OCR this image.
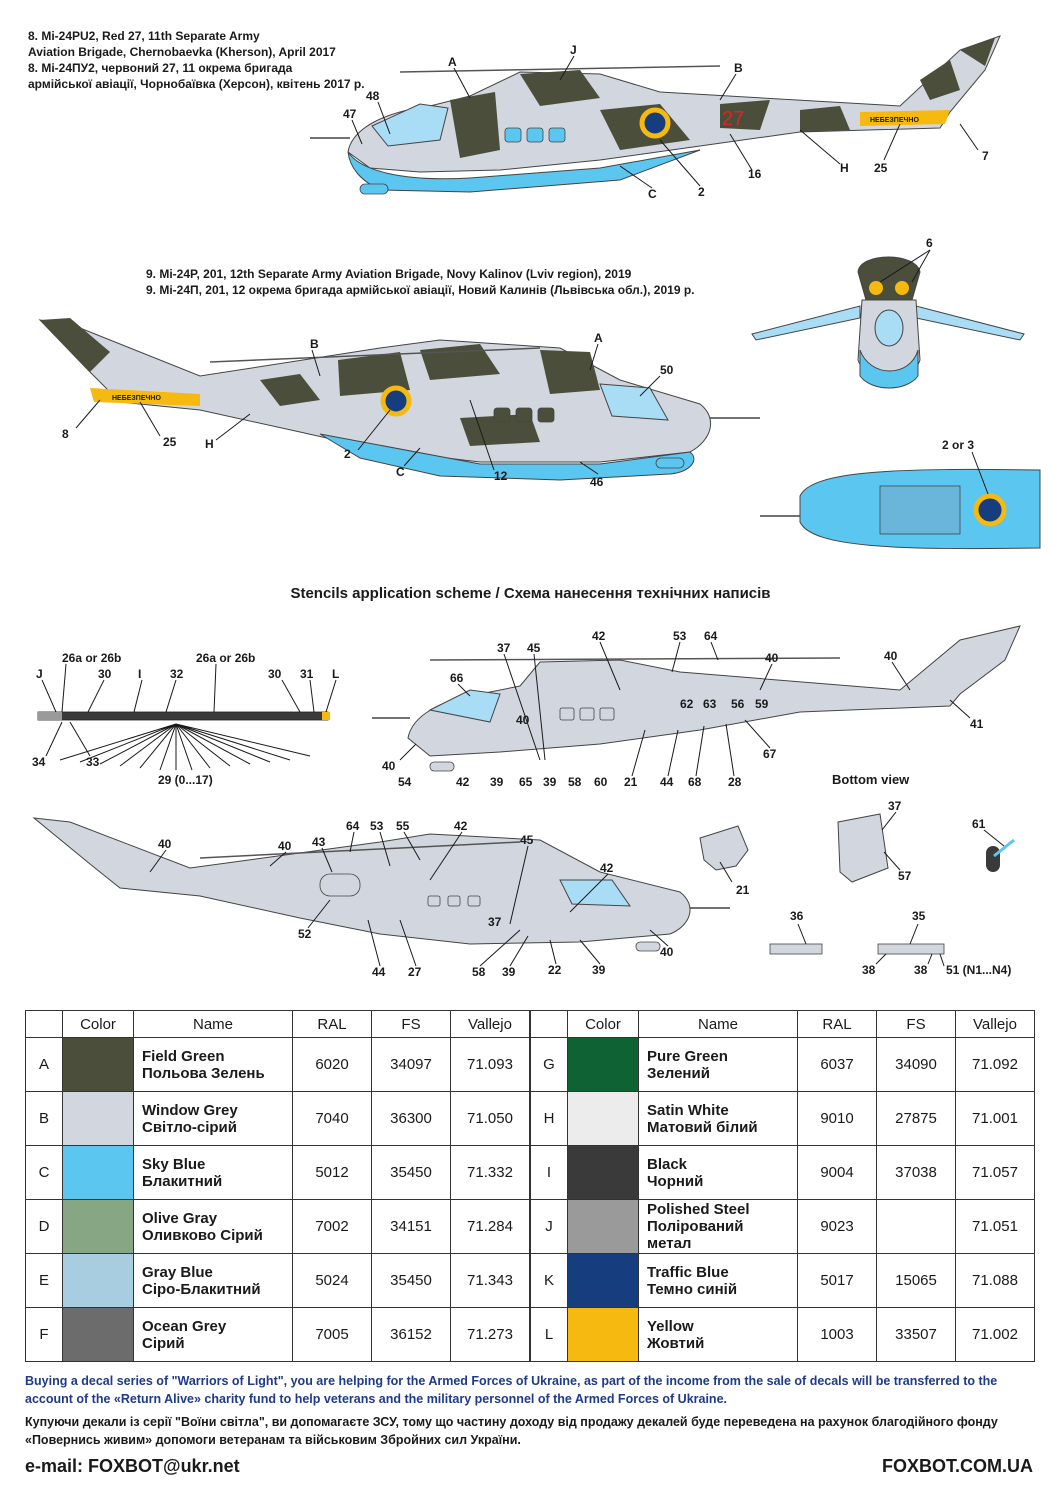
8. Mi-24PU2, Red 27, 11th Separate Army
Aviation Brigade, Chernobaevka (Kherson), April 2017
8. Мі-24ПУ2, червоний 27, 11 окрема бригада
армійської авіації, Чорнобаївка (Херсон), квітень 2017 р.
9. Mi-24P, 201, 12th Separate Army Aviation Brigade, Novy Kalinov (Lviv region), 2019
9. Мі-24П, 201, 12 окрема бригада армійської авіації, Новий Калинів (Львівська обл.), 2019 р.
27	НЕБЕЗПЕЧНО
A
J
B
48
47
C	2
16	H 25
7
НЕБЕЗПЕЧНО
B	A
50
8
25 H
2
C	12	46
6
2 or 3
26a or 26b	26a or 26b
J	30 I 32	30 31 L
34	33
29 (0...17)
37 45
42	53 64
40
66
40
62 63 56 59
67
40	41
40
54	42 39 65 39 58 60 21 44 68 28
40	40 43
64 53 55	42
45
42
52
44 27
37
58 39	22	39
40
21
37
57
61
36	35
38	38 51 (N1...N4)
Stencils application scheme / Схема нанесення технічних написів
Bottom view
	Color	Name	RAL	FS	Vallejo
A		Field Green
Польова Зелень	6020	34097	71.093
B		Window Grey
Світло-сірий	7040	36300	71.050
C		Sky Blue
Блакитний	5012	35450	71.332
D		Olive Gray
Оливково Сірий	7002	34151	71.284
E		Gray Blue
Сіро-Блакитний	5024	35450	71.343
F		Ocean Grey
Сірий	7005	36152	71.273
	Color	Name	RAL	FS	Vallejo
G		Pure Green
Зелений	6037	34090	71.092
H		Satin White
Матовий білий	9010	27875	71.001
I		Black
Чорний	9004	37038	71.057
J		Polished Steel
Полірований метал	9023		71.051
K		Traffic Blue
Темно синій	5017	15065	71.088
L		Yellow
Жовтий	1003	33507	71.002
Buying a decal series of "Warriors of Light", you are helping for the Armed Forces of Ukraine, as part of the income from the sale of decals will be transferred to the account of the «Return Alive» charity fund to help veterans and the military personnel of the Armed Forces of Ukraine.
Купуючи декали із серії "Воїни світла", ви допомагаєте ЗСУ, тому що частину доходу від продажу декалей буде переведена на рахунок благодійного фонду «Повернись живим» допомоги ветеранам та військовим Збройних сил України.
e-mail: FOXBOT@ukr.net	FOXBOT.COM.UA
